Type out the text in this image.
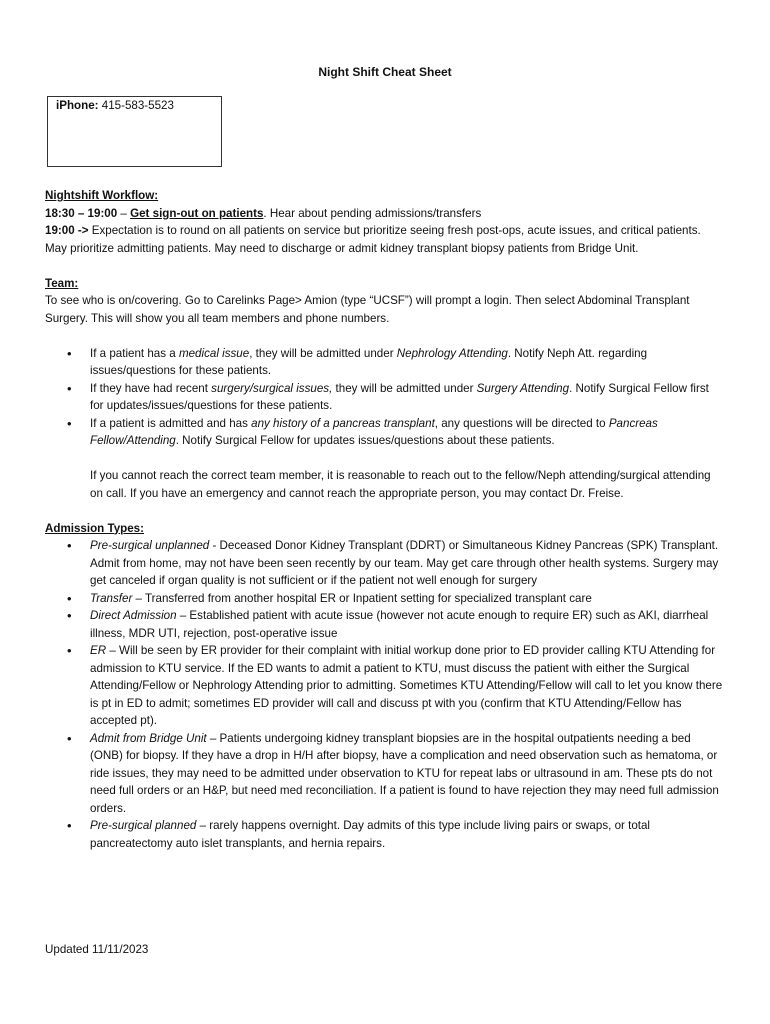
Night Shift Cheat Sheet
iPhone: 415-583-5523

Nightshift Workflow:

18:30 – 19:00 – Get sign-out on patients. Hear about pending admissions/transfers

19:00 -> Expectation is to round on all patients on service but prioritize seeing fresh post-ops, acute issues, and critical patients. May prioritize admitting patients. May need to discharge or admit kidney transplant biopsy patients from Bridge Unit.

Team:

To see who is on/covering. Go to Carelinks Page> Amion (type “UCSF”) will prompt a login. Then select Abdominal Transplant Surgery. This will show you all team members and phone numbers.

• If a patient has a medical issue, they will be admitted under Nephrology Attending. Notify Neph Att. regarding issues/questions for these patients.
• If they have had recent surgery/surgical issues, they will be admitted under Surgery Attending. Notify Surgical Fellow first for updates/issues/questions for these patients.
• If a patient is admitted and has any history of a pancreas transplant, any questions will be directed to Pancreas Fellow/Attending. Notify Surgical Fellow for updates issues/questions about these patients.

If you cannot reach the correct team member, it is reasonable to reach out to the fellow/Neph attending/surgical attending on call. If you have an emergency and cannot reach the appropriate person, you may contact Dr. Freise.

Admission Types:

• Pre-surgical unplanned - Deceased Donor Kidney Transplant (DDRT) or Simultaneous Kidney Pancreas (SPK) Transplant. Admit from home, may not have been seen recently by our team. May get care through other health systems. Surgery may get canceled if organ quality is not sufficient or if the patient not well enough for surgery
• Transfer – Transferred from another hospital ER or Inpatient setting for specialized transplant care
• Direct Admission – Established patient with acute issue (however not acute enough to require ER) such as AKI, diarrheal illness, MDR UTI, rejection, post-operative issue
• ER – Will be seen by ER provider for their complaint with initial workup done prior to ED provider calling KTU Attending for admission to KTU service. If the ED wants to admit a patient to KTU, must discuss the patient with either the Surgical Attending/Fellow or Nephrology Attending prior to admitting. Sometimes KTU Attending/Fellow will call to let you know there is pt in ED to admit; sometimes ED provider will call and discuss pt with you (confirm that KTU Attending/Fellow has accepted pt).
• Admit from Bridge Unit – Patients undergoing kidney transplant biopsies are in the hospital outpatients needing a bed (ONB) for biopsy. If they have a drop in H/H after biopsy, have a complication and need observation such as hematoma, or ride issues, they may need to be admitted under observation to KTU for repeat labs or ultrasound in am. These pts do not need full orders or an H&P, but need med reconciliation. If a patient is found to have rejection they may need full admission orders.
• Pre-surgical planned – rarely happens overnight. Day admits of this type include living pairs or swaps, or total pancreatectomy auto islet transplants, and hernia repairs.
Updated 11/11/2023
